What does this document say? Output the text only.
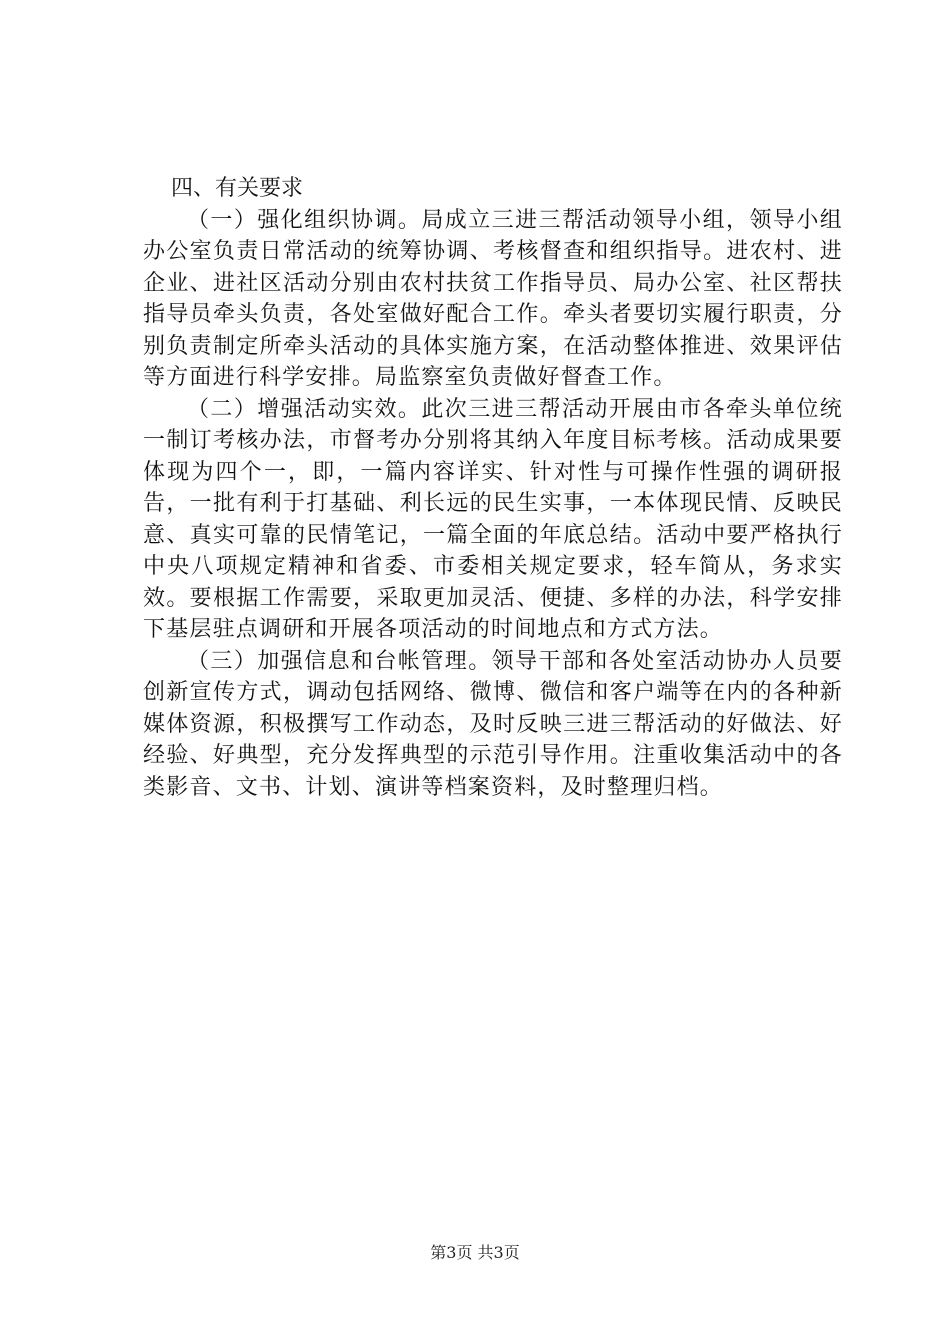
四、有关要求

（一）强化组织协调。局成立三进三帮活动领导小组，领导小组办公室负责日常活动的统筹协调、考核督查和组织指导。进农村、进企业、进社区活动分别由农村扶贫工作指导员、局办公室、社区帮扶指导员牵头负责，各处室做好配合工作。牵头者要切实履行职责，分别负责制定所牵头活动的具体实施方案，在活动整体推进、效果评估等方面进行科学安排。局监察室负责做好督查工作。

（二）增强活动实效。此次三进三帮活动开展由市各牵头单位统一制订考核办法，市督考办分别将其纳入年度目标考核。活动成果要体现为四个一，即，一篇内容详实、针对性与可操作性强的调研报告，一批有利于打基础、利长远的民生实事，一本体现民情、反映民意、真实可靠的民情笔记，一篇全面的年底总结。活动中要严格执行中央八项规定精神和省委、市委相关规定要求，轻车简从，务求实效。要根据工作需要，采取更加灵活、便捷、多样的办法，科学安排下基层驻点调研和开展各项活动的时间地点和方式方法。

（三）加强信息和台帐管理。领导干部和各处室活动协办人员要创新宣传方式，调动包括网络、微博、微信和客户端等在内的各种新媒体资源，积极撰写工作动态，及时反映三进三帮活动的好做法、好经验、好典型，充分发挥典型的示范引导作用。注重收集活动中的各类影音、文书、计划、演讲等档案资料，及时整理归档。

第3页 共3页
